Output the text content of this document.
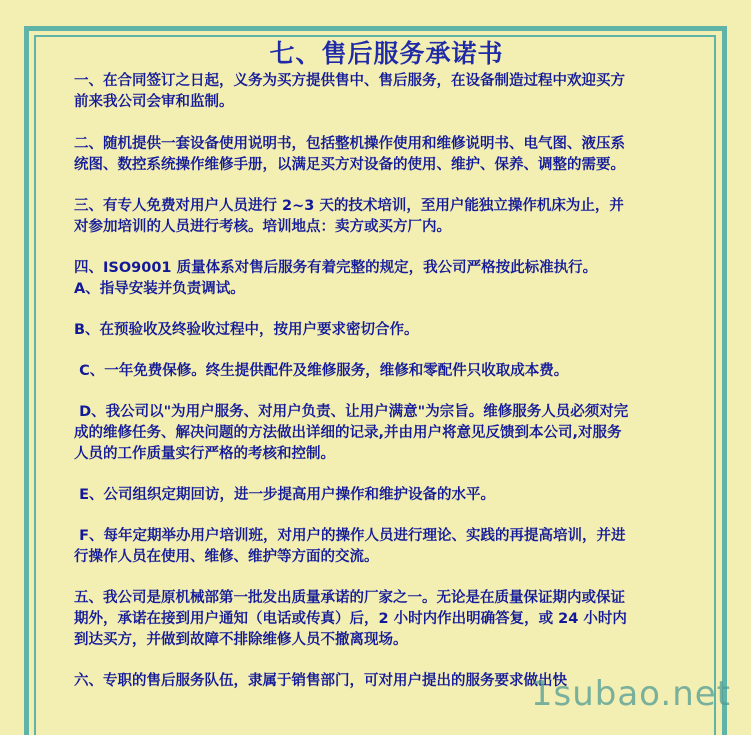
七、售后服务承诺书

一、在合同签订之日起，义务为买方提供售中、售后服务，在设备制造过程中欢迎买方前来我公司会审和监制。

二、随机提供一套设备使用说明书，包括整机操作使用和维修说明书、电气图、液压系统图、数控系统操作维修手册，以满足买方对设备的使用、维护、保养、调整的需要。

三、有专人免费对用户人员进行 2~3 天的技术培训，至用户能独立操作机床为止，并对参加培训的人员进行考核。培训地点：卖方或买方厂内。

四、ISO9001 质量体系对售后服务有着完整的规定，我公司严格按此标准执行。

A、指导安装并负责调试。

B、在预验收及终验收过程中，按用户要求密切合作。

C、一年免费保修。终生提供配件及维修服务，维修和零配件只收取成本费。

D、我公司以"为用户服务、对用户负责、让用户满意"为宗旨。维修服务人员必须对完成的维修任务、解决问题的方法做出详细的记录,并由用户将意见反馈到本公司,对服务人员的工作质量实行严格的考核和控制。

E、公司组织定期回访，进一步提高用户操作和维护设备的水平。

F、每年定期举办用户培训班，对用户的操作人员进行理论、实践的再提高培训，并进行操作人员在使用、维修、维护等方面的交流。

五、我公司是原机械部第一批发出质量承诺的厂家之一。无论是在质量保证期内或保证期外，承诺在接到用户通知（电话或传真）后，2 小时内作出明确答复，或 24 小时内到达买方，并做到故障不排除维修人员不撤离现场。

六、专职的售后服务队伍，隶属于销售部门，可对用户提出的服务要求做出快

1subao.net
